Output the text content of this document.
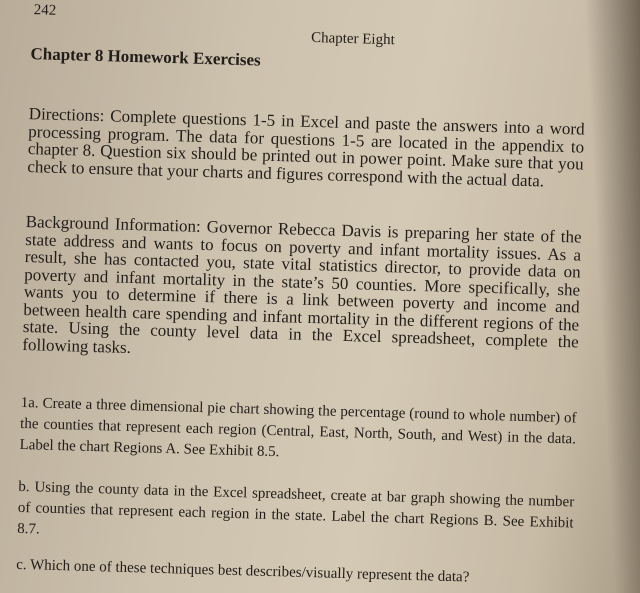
242
Chapter Eight
Chapter 8 Homework Exercises

Directions: Complete questions 1-5 in Excel and paste the answers into a word processing program. The data for questions 1-5 are located in the appendix to chapter 8. Question six should be printed out in power point. Make sure that you check to ensure that your charts and figures correspond with the actual data.

Background Information: Governor Rebecca Davis is preparing her state of the state address and wants to focus on poverty and infant mortality issues. As a result, she has contacted you, state vital statistics director, to provide data on poverty and infant mortality in the state’s 50 counties. More specifically, she wants you to determine if there is a link between poverty and income and between health care spending and infant mortality in the different regions of the state. Using the county level data in the Excel spreadsheet, complete the following tasks.

1a. Create a three dimensional pie chart showing the percentage (round to whole number) of the counties that represent each region (Central, East, North, South, and West) in the data. Label the chart Regions A. See Exhibit 8.5.

b. Using the county data in the Excel spreadsheet, create at bar graph showing the number of counties that represent each region in the state. Label the chart Regions B. See Exhibit 8.7.

c. Which one of these techniques best describes/visually represent the data?
